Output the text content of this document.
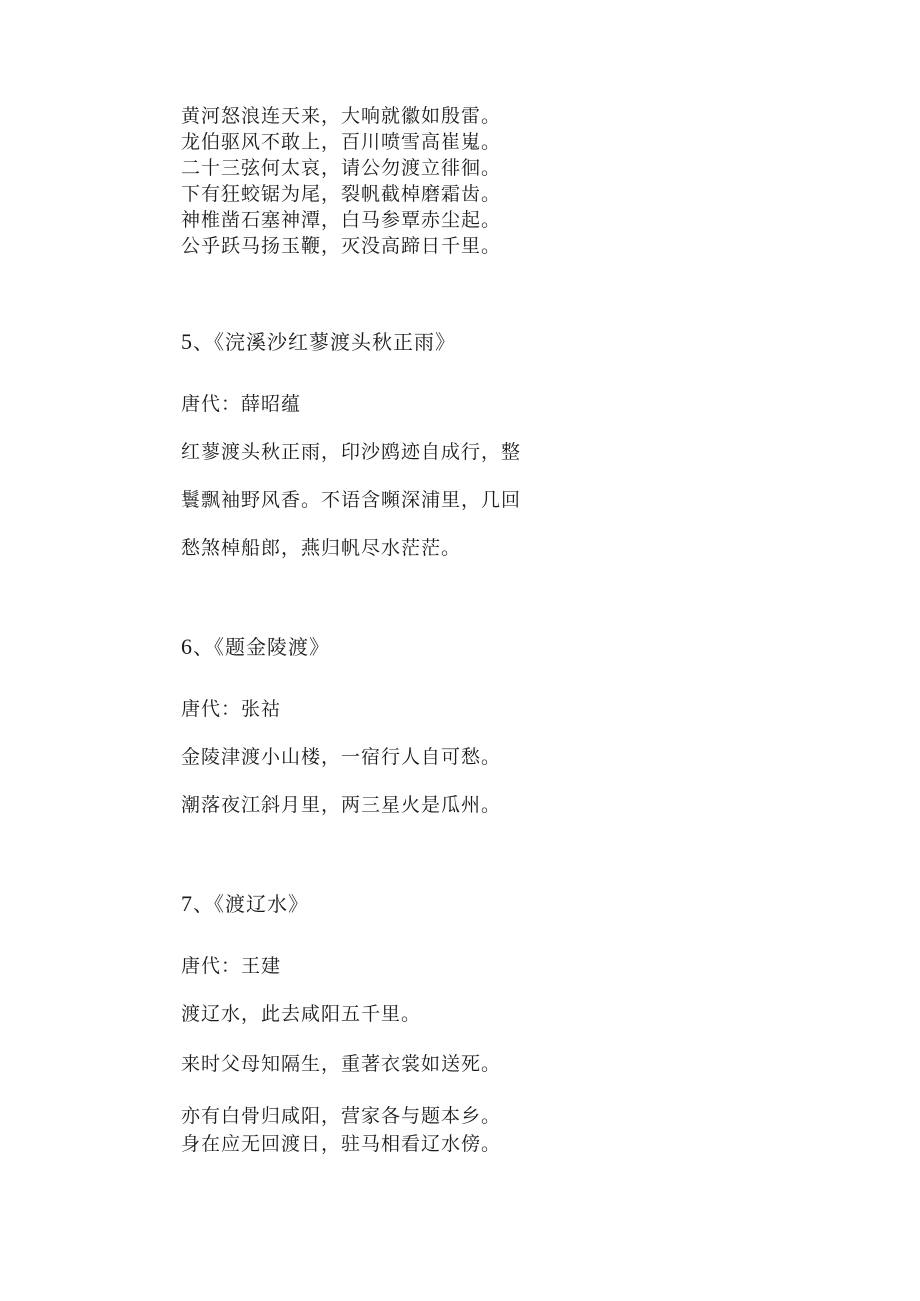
黄河怒浪连天来，大响就徽如殷雷。
龙伯驱风不敢上，百川喷雪高崔嵬。
二十三弦何太哀，请公勿渡立徘徊。
下有狂蛟锯为尾，裂帆截棹磨霜齿。
神椎凿石塞神潭，白马参覃赤尘起。
公乎跃马扬玉鞭，灭没高蹄日千里。
5、《浣溪沙红蓼渡头秋正雨》
唐代：薛昭蕴
红蓼渡头秋正雨，印沙鸥迹自成行，整
鬟飘袖野风香。不语含嚬深浦里，几回
愁煞棹船郎，燕归帆尽水茫茫。
6、《题金陵渡》
唐代：张祜
金陵津渡小山楼，一宿行人自可愁。
潮落夜江斜月里，两三星火是瓜州。
7、《渡辽水》
唐代：王建
渡辽水，此去咸阳五千里。
来时父母知隔生，重著衣裳如送死。
亦有白骨归咸阳，营家各与题本乡。
身在应无回渡日，驻马相看辽水傍。
